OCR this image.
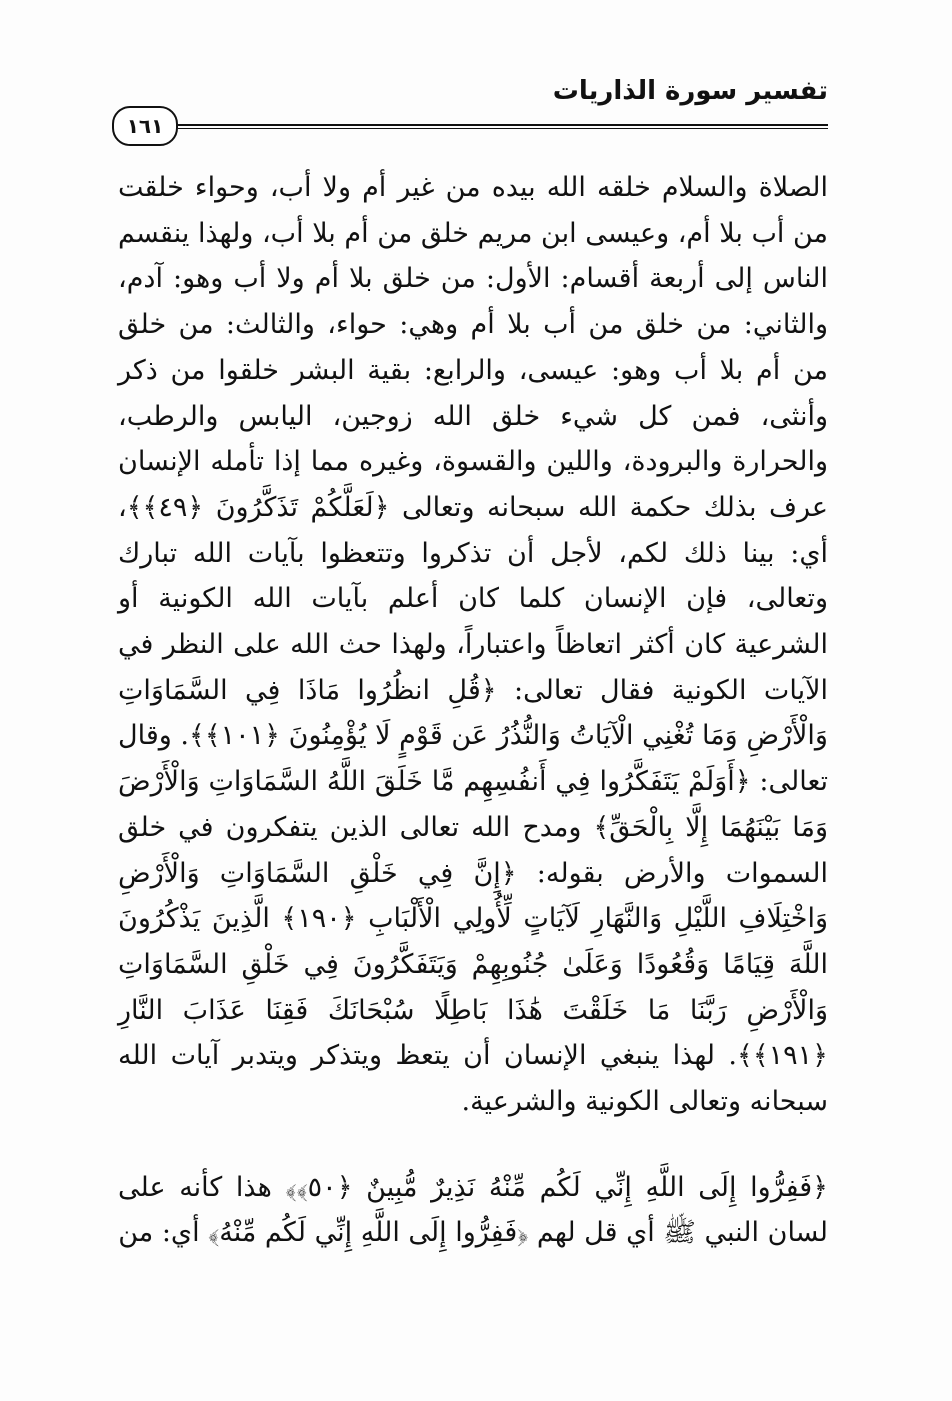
تفسير سورة الذاريات
١٦١

الصلاة والسلام خلقه الله بيده من غير أم ولا أب، وحواء خلقت من أب بلا أم، وعيسى ابن مريم خلق من أم بلا أب، ولهذا ينقسم الناس إلى أربعة أقسام: الأول: من خلق بلا أم ولا أب وهو: آدم، والثاني: من خلق من أب بلا أم وهي: حواء، والثالث: من خلق من أم بلا أب وهو: عيسى، والرابع: بقية البشر خلقوا من ذكر وأنثى، فمن كل شيء خلق الله زوجين، اليابس والرطب، والحرارة والبرودة، واللين والقسوة، وغيره مما إذا تأمله الإنسان عرف بذلك حكمة الله سبحانه وتعالى ﴿لَعَلَّكُمْ تَذَكَّرُونَ ﴿٤٩﴾﴾، أي: بينا ذلك لكم، لأجل أن تذكروا وتتعظوا بآيات الله تبارك وتعالى، فإن الإنسان كلما كان أعلم بآيات الله الكونية أو الشرعية كان أكثر اتعاظاً واعتباراً، ولهذا حث الله على النظر في الآيات الكونية فقال تعالى: ﴿قُلِ انظُرُوا مَاذَا فِي السَّمَاوَاتِ وَالْأَرْضِ وَمَا تُغْنِي الْآيَاتُ وَالنُّذُرُ عَن قَوْمٍ لَا يُؤْمِنُونَ ﴿١٠١﴾﴾. وقال تعالى: ﴿أَوَلَمْ يَتَفَكَّرُوا فِي أَنفُسِهِم مَّا خَلَقَ اللَّهُ السَّمَاوَاتِ وَالْأَرْضَ وَمَا بَيْنَهُمَا إِلَّا بِالْحَقِّ﴾ ومدح الله تعالى الذين يتفكرون في خلق السموات والأرض بقوله: ﴿إِنَّ فِي خَلْقِ السَّمَاوَاتِ وَالْأَرْضِ وَاخْتِلَافِ اللَّيْلِ وَالنَّهَارِ لَآيَاتٍ لِّأُولِي الْأَلْبَابِ ﴿١٩٠﴾ الَّذِينَ يَذْكُرُونَ اللَّهَ قِيَامًا وَقُعُودًا وَعَلَىٰ جُنُوبِهِمْ وَيَتَفَكَّرُونَ فِي خَلْقِ السَّمَاوَاتِ وَالْأَرْضِ رَبَّنَا مَا خَلَقْتَ هَٰذَا بَاطِلًا سُبْحَانَكَ فَقِنَا عَذَابَ النَّارِ ﴿١٩١﴾﴾. لهذا ينبغي الإنسان أن يتعظ ويتذكر ويتدبر آيات الله سبحانه وتعالى الكونية والشرعية.

﴿فَفِرُّوا إِلَى اللَّهِ إِنِّي لَكُم مِّنْهُ نَذِيرٌ مُّبِينٌ ﴿٥٠﴾﴾ هذا كأنه على لسان النبي ﷺ أي قل لهم ﴿فَفِرُّوا إِلَى اللَّهِ إِنِّي لَكُم مِّنْهُ﴾ أي: من
